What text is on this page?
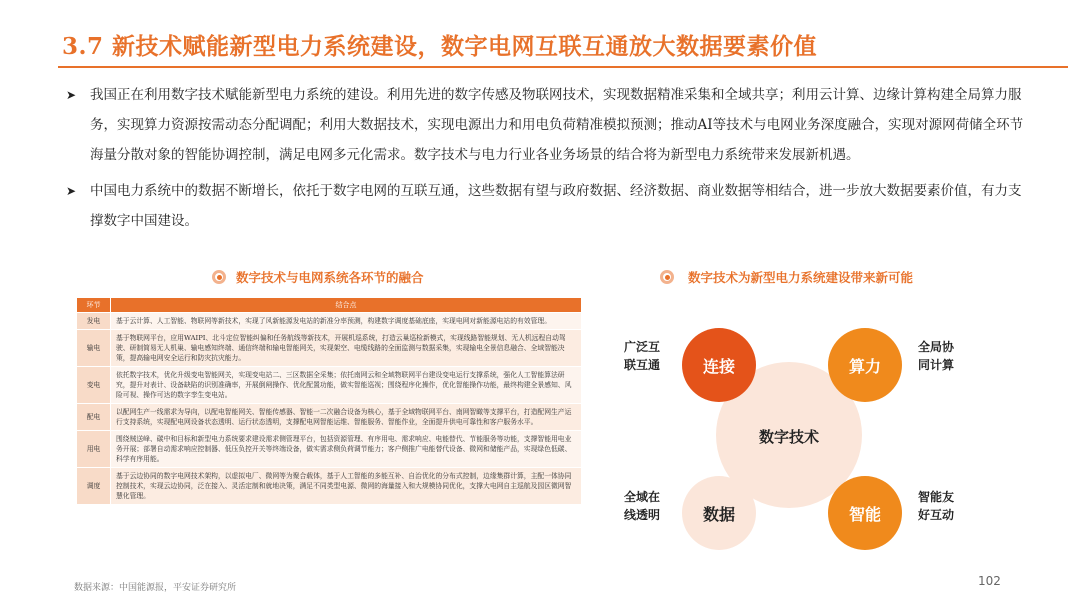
3.7 新技术赋能新型电力系统建设，数字电网互联互通放大数据要素价值
➤ 我国正在利用数字技术赋能新型电力系统的建设。利用先进的数字传感及物联网技术，实现数据精准采集和全域共享；利用云计算、边缘计算构建全局算力服务，实现算力资源按需动态分配调配；利用大数据技术，实现电源出力和用电负荷精准模拟预测；推动AI等技术与电网业务深度融合，实现对源网荷储全环节海量分散对象的智能协调控制，满足电网多元化需求。数字技术与电力行业各业务场景的结合将为新型电力系统带来发展新机遇。
➤ 中国电力系统中的数据不断增长，依托于数字电网的互联互通，这些数据有望与政府数据、经济数据、商业数据等相结合，进一步放大数据要素价值，有力支撑数字中国建设。
数字技术与电网系统各环节的融合
环节	结合点
发电	基于云计算、人工智能、物联网等新技术，实现了风新能源发电站的新准分率预测，构建数字调度基础底座，实现电网对新能源电站的有效管理。
输电	基于物联网平台，应用WAIPI、北斗定位智能纠偏和任务航线等新技术，开展机巡系统，打造云巢巡检新模式，实现线路智能规划、无人机远程自动驾驶、研制简易无人机巢、输电感知终端、通信终端和输电智能网关，实现架空、电缆线路的全面监测与数据采集，实现输电全景信息融合、全域智能决策，提高输电网安全运行和防灾抗灾能力。
变电	依托数字技术，优化升级变电智能网关，实现变电站二、三区数据全采集；依托南网云和全域物联网平台建设变电运行支撑系统，强化人工智能算法研究，提升对表计、设备缺陷的识别准确率，开展倒闸操作、优化配置功能，做实智能巡视；围绕程序化操作，优化智能操作功能，最终构建全景感知、风险可视、操作可达的数字孪生变电站。
配电	以配网生产一线需求为导向，以配电智能网关、智能传感器、智能一二次融合设备为核心，基于全域物联网平台、南网智瞰等支撑平台，打造配网生产运行支持系统，实现配电网设备状态透明、运行状态透明，支撑配电网智能运维、智能服务、智能作业，全面提升供电可靠性和客户服务水平。
用电	围绕贼送峰、碳中和目标和新型电力系统要求建设需求侧管理平台，包括资源管理、有序用电、需求响应、电能替代、节能服务等功能，支撑智能用电业务开展；部署自动需求响应控制器、低压负控开关等终端设备，做实需求侧负荷调节能力；客户侧推广电能替代设备、微网和储能产品，实现绿色低碳、科学有序用能。
调度	基于云边协同的数字电网技术架构，以虚拟电厂、微网等为聚合载体，基于人工智能的多能互补、自治优化的分布式控制，边缘集群计算，主配一体协同控制技术，实现云边协同，泛在接入、灵活定制和就地决策，满足不同类型电源、微网的海量接入和大规模协同优化，支撑大电网自主巡航及园区微网智慧化管理。
数字技术为新型电力系统建设带来新可能
数字技术
连接	算力
数据	智能
广泛互
联互通
全局协
同计算
全域在
线透明
智能友
好互动
数据来源：中国能源报，平安证券研究所	102
